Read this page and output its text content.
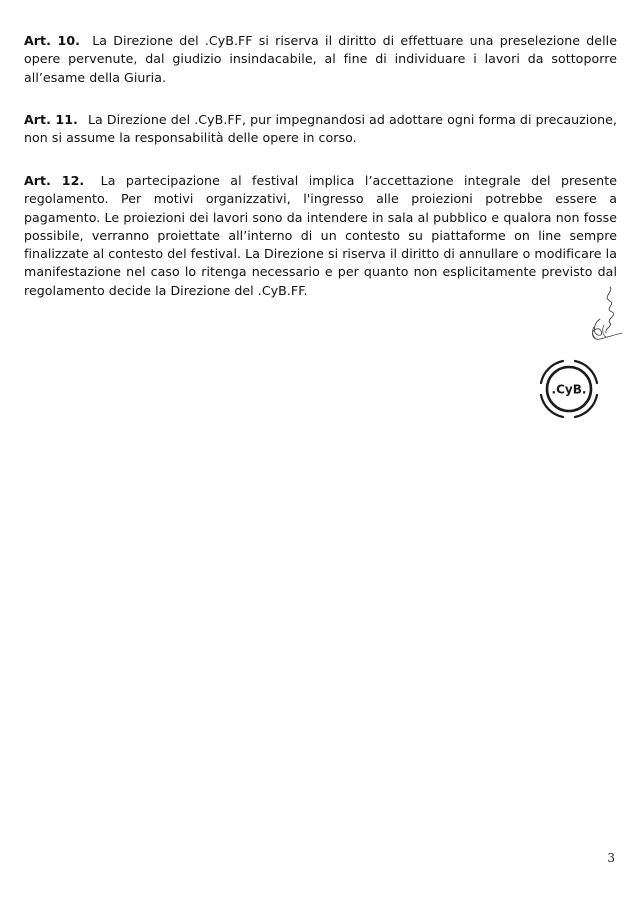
Art. 10. La Direzione del .CyB.FF si riserva il diritto di effettuare una preselezione delle opere pervenute, dal giudizio insindacabile, al fine di individuare i lavori da sottoporre all’esame della Giuria.

Art. 11. La Direzione del .CyB.FF, pur impegnandosi ad adottare ogni forma di precauzione, non si assume la responsabilità delle opere in corso.

Art. 12. La partecipazione al festival implica l’accettazione integrale del presente regolamento. Per motivi organizzativi, l'ingresso alle proiezioni potrebbe essere a pagamento. Le proiezioni dei lavori sono da intendere in sala al pubblico e qualora non fosse possibile, verranno proiettate all’interno di un contesto su piattaforme on line sempre finalizzate al contesto del festival. La Direzione si riserva il diritto di annullare o modificare la manifestazione nel caso lo ritenga necessario e per quanto non esplicitamente previsto dal regolamento decide la Direzione del .CyB.FF.

.CyB.
3
